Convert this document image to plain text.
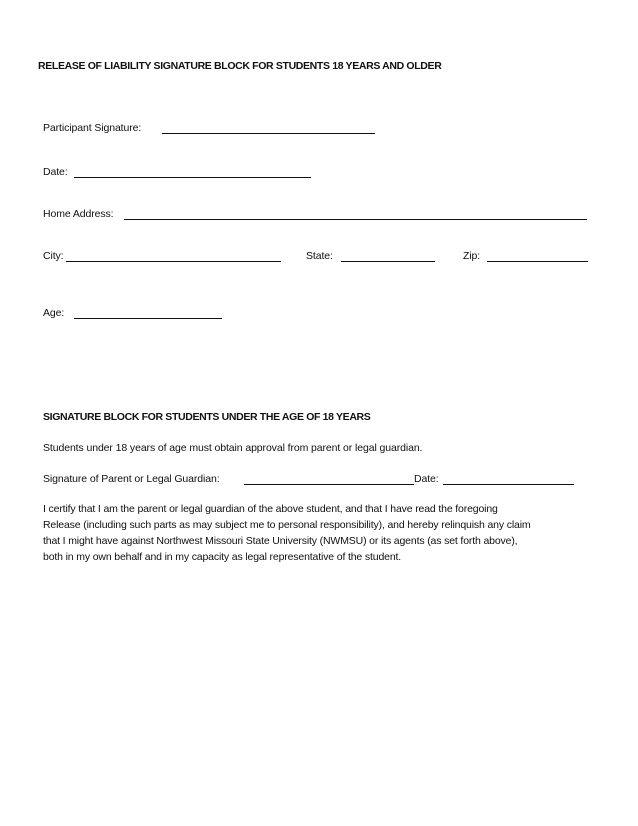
RELEASE OF LIABILITY SIGNATURE BLOCK FOR STUDENTS 18 YEARS AND OLDER
Participant Signature:
Date:
Home Address:
City:	State:	Zip:
Age:
SIGNATURE BLOCK FOR STUDENTS UNDER THE AGE OF 18 YEARS
Students under 18 years of age must obtain approval from parent or legal guardian.
Signature of Parent or Legal Guardian:	Date:
I certify that I am the parent or legal guardian of the above student, and that I have read the foregoing
Release (including such parts as may subject me to personal responsibility), and hereby relinquish any claim
that I might have against Northwest Missouri State University (NWMSU) or its agents (as set forth above),
both in my own behalf and in my capacity as legal representative of the student.
